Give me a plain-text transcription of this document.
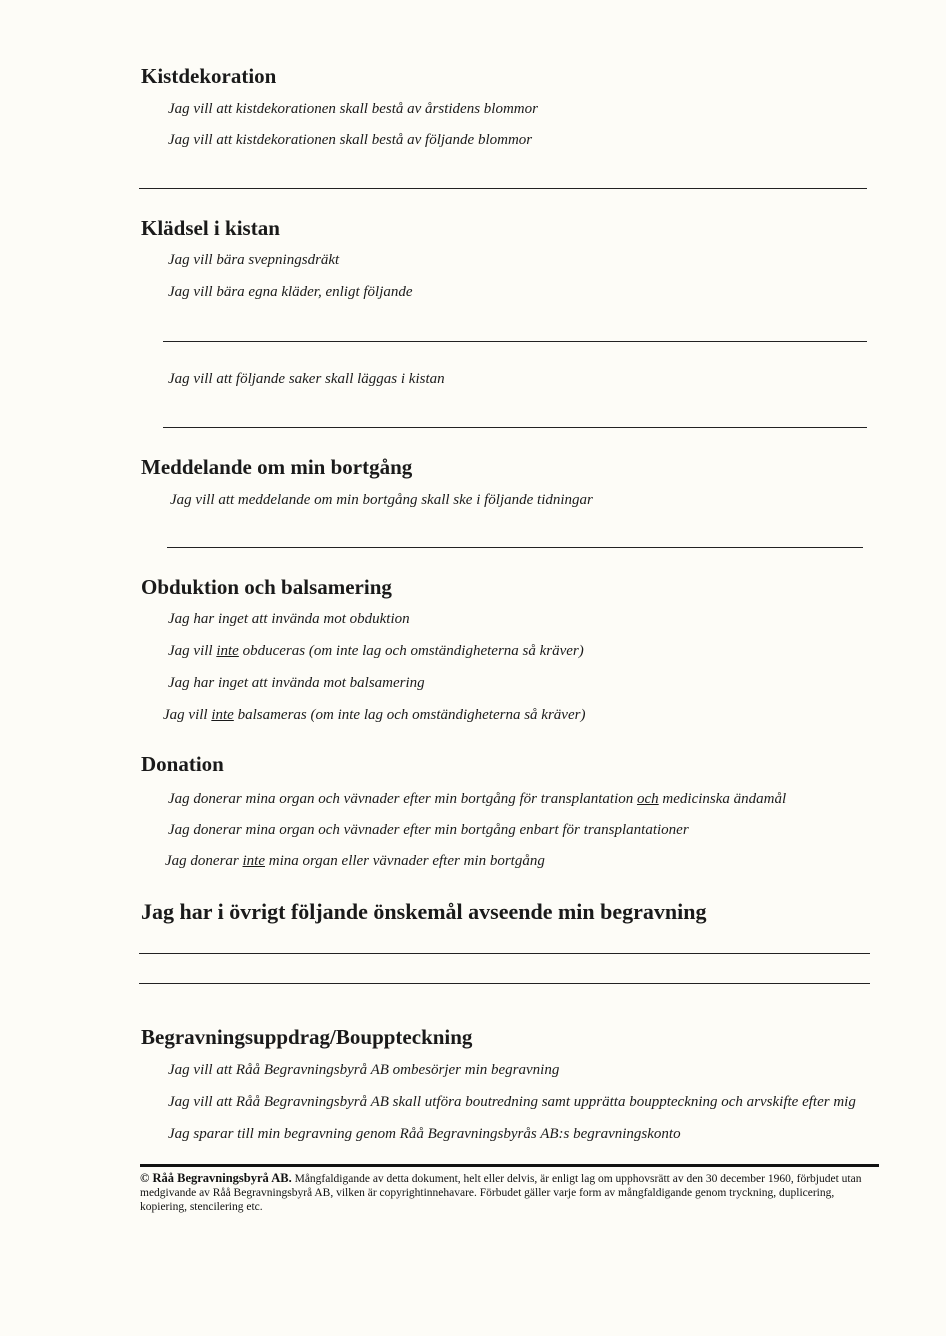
Kistdekoration
Jag vill att kistdekorationen skall bestå av årstidens blommor
Jag vill att kistdekorationen skall bestå av följande blommor
Klädsel i kistan
Jag vill bära svepningsdräkt
Jag vill bära egna kläder, enligt följande
Jag vill att följande saker skall läggas i kistan
Meddelande om min bortgång
Jag vill att meddelande om min bortgång skall ske i följande tidningar
Obduktion och balsamering
Jag har inget att invända mot obduktion
Jag vill inte obduceras (om inte lag och omständigheterna så kräver)
Jag har inget att invända mot balsamering
Jag vill inte balsameras (om inte lag och omständigheterna så kräver)
Donation
Jag donerar mina organ och vävnader efter min bortgång för transplantation och medicinska ändamål
Jag donerar mina organ och vävnader efter min bortgång enbart för transplantationer
Jag donerar inte mina organ eller vävnader efter min bortgång
Jag har i övrigt följande önskemål avseende min begravning
Begravningsuppdrag/Bouppteckning
Jag vill att Råå Begravningsbyrå AB ombesörjer min begravning
Jag vill att Råå Begravningsbyrå AB skall utföra boutredning samt upprätta bouppteckning och arvskifte efter mig
Jag sparar till min begravning genom Råå Begravningsbyrås AB:s begravningskonto
© Råå Begravningsbyrå AB. Mångfaldigande av detta dokument, helt eller delvis, är enligt lag om upphovsrätt av den 30 december 1960, förbjudet utan medgivande av Råå Begravningsbyrå AB, vilken är copyrightinnehavare. Förbudet gäller varje form av mångfaldigande genom tryckning, duplicering, kopiering, stencilering etc.
